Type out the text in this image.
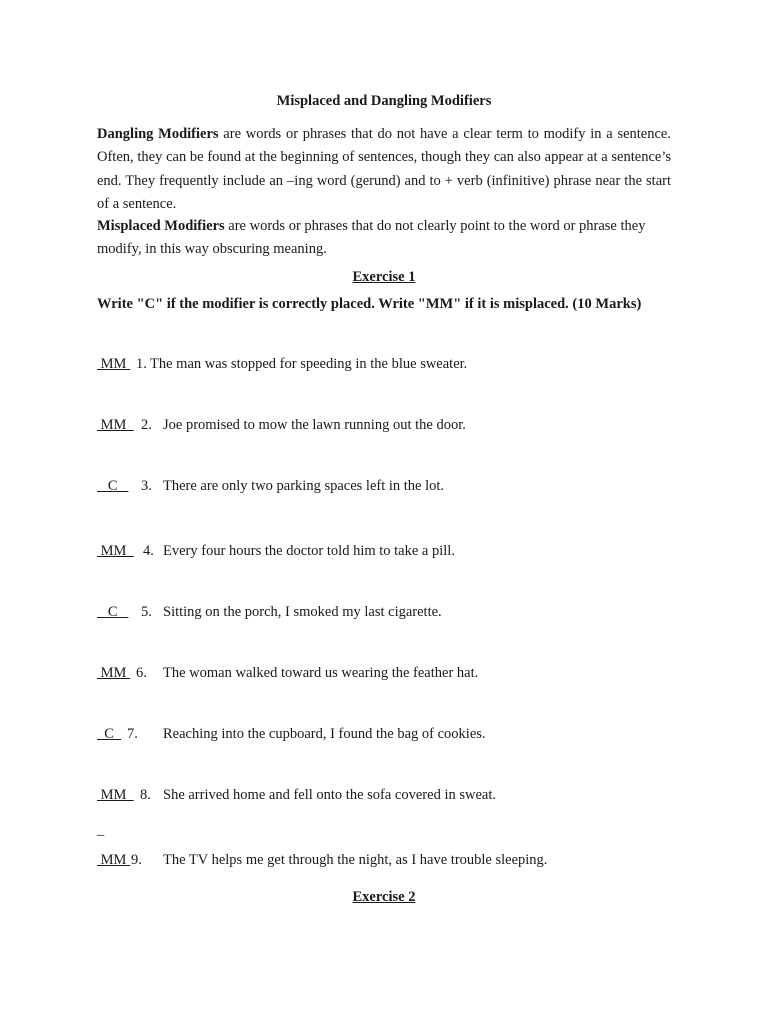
Misplaced and Dangling Modifiers

Dangling Modifiers are words or phrases that do not have a clear term to modify in a sentence. Often, they can be found at the beginning of sentences, though they can also appear at a sentence’s end. They frequently include an –ing word (gerund) and to + verb (infinitive) phrase near the start of a sentence.

Misplaced Modifiers are words or phrases that do not clearly point to the word or phrase they modify, in this way obscuring meaning.

Exercise 1
Write "C" if the modifier is correctly placed. Write "MM" if it is misplaced. (10 Marks)
MM 1. The man was stopped for speeding in the blue sweater.
MM 2. Joe promised to mow the lawn running out the door.
C 3. There are only two parking spaces left in the lot.
MM 4. Every four hours the doctor told him to take a pill.
C 5. Sitting on the porch, I smoked my last cigarette.
MM 6. The woman walked toward us wearing the feather hat.
C 7. Reaching into the cupboard, I found the bag of cookies.
MM 8. She arrived home and fell onto the sofa covered in sweat.
_
MM 9. The TV helps me get through the night, as I have trouble sleeping.
Exercise 2
